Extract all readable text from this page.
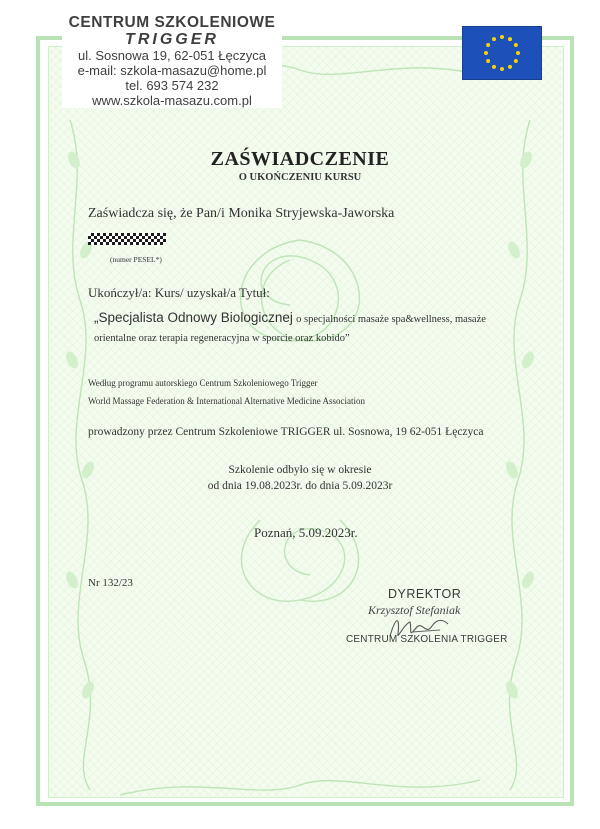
CENTRUM SZKOLENIOWE
TRIGGER
ul. Sosnowa 19, 62-051 Łęczyca
e-mail: szkola-masazu@home.pl
tel. 693 574 232
www.szkola-masazu.com.pl
ZAŚWIADCZENIE
O UKOŃCZENIU KURSU
Zaświadcza się, że Pan/i Monika Stryjewska-Jaworska
(numer PESEL*)
Ukończył/a: Kurs/ uzyskał/a Tytuł:
„Specjalista Odnowy Biologicznej o specjalności masaże spa&wellness, masaże
orientalne oraz terapia regeneracyjna w sporcie oraz kobido”
Według programu autorskiego Centrum Szkoleniowego Trigger
World Massage Federation & International Alternative Medicine Association
prowadzony przez Centrum Szkoleniowe TRIGGER ul. Sosnowa, 19 62-051 Łęczyca
Szkolenie odbyło się w okresie
od dnia 19.08.2023r. do dnia 5.09.2023r
Poznań, 5.09.2023r.
Nr 132/23
DYREKTOR
Krzysztof Stefaniak
CENTRUM SZKOLENIA TRIGGER
